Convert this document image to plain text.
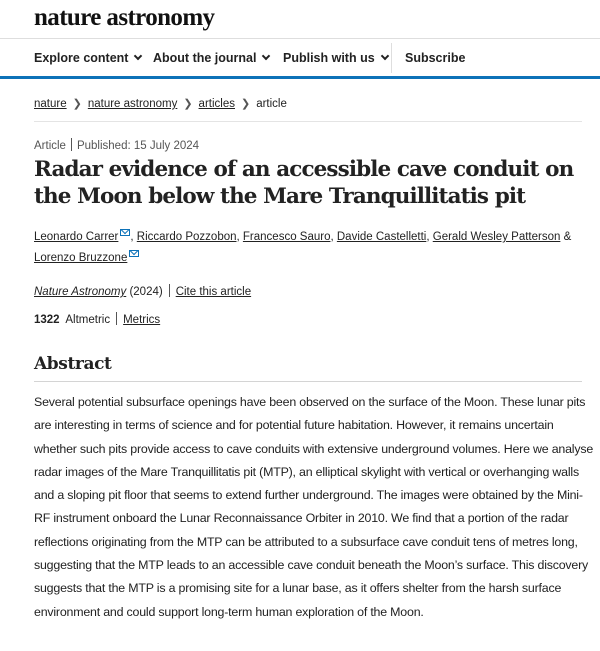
nature astronomy
Explore content	About the journal	Publish with us	Subscribe
nature ❯ nature astronomy ❯ articles ❯ article
Article Published: 15 July 2024
Radar evidence of an accessible cave conduit on the Moon below the Mare Tranquillitatis pit
Leonardo Carrer , Riccardo Pozzobon, Francesco Sauro, Davide Castelletti, Gerald Wesley Patterson &
Lorenzo Bruzzone
Nature Astronomy (2024) Cite this article
1322 Altmetric Metrics
Abstract

Several potential subsurface openings have been observed on the surface of the Moon. These lunar pits are interesting in terms of science and for potential future habitation. However, it remains uncertain whether such pits provide access to cave conduits with extensive underground volumes. Here we analyse radar images of the Mare Tranquillitatis pit (MTP), an elliptical skylight with vertical or overhanging walls and a sloping pit floor that seems to extend further underground. The images were obtained by the Mini-RF instrument onboard the Lunar Reconnaissance Orbiter in 2010. We find that a portion of the radar reflections originating from the MTP can be attributed to a subsurface cave conduit tens of metres long, suggesting that the MTP leads to an accessible cave conduit beneath the Moon’s surface. This discovery suggests that the MTP is a promising site for a lunar base, as it offers shelter from the harsh surface environment and could support long-term human exploration of the Moon.
